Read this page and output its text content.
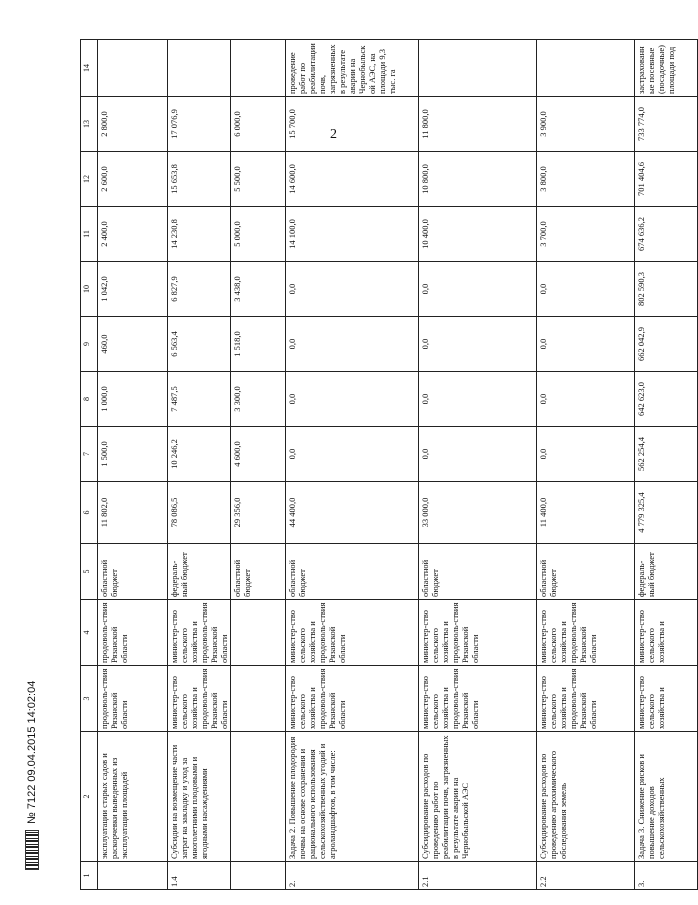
2
1	2	3	4	5	6	7	8	9	10	11	12	13	14
	эксплуатации старых садов и раскорчевки выведенных из эксплуатации площадей	продоволь-ствия Рязанской области	продоволь-ствия Рязанской области	областной бюджет	11 802,0	1 500,0	1 000,0	460,0	1 042,0	2 400,0	2 600,0	2 800,0	
1.4	Субсидии на возмещение части затрат на закладку и уход за многолетними плодовыми и ягодными насаждениями	министер-ство сельского хозяйства и продоволь-ствия Рязанской области	министер-ство сельского хозяйства и продоволь-ствия Рязанской области	федераль-ный бюджет	78 086,5	10 246,2	7 487,5	6 563,4	6 827,9	14 230,8	15 653,8	17 076,9	
				областной бюджет	29 356,0	4 600,0	3 300,0	1 518,0	3 438,0	5 000,0	5 500,0	6 000,0	
2.	Задача 2. Повышение плодородия почвы на основе сохранения и рационального использования сельскохозяйственных угодий и агроландшафтов, в том числе:	министер-ство сельского хозяйства и продоволь-ствия Рязанской области	министер-ство сельского хозяйства и продоволь-ствия Рязанской области	областной бюджет	44 400,0	0,0	0,0	0,0	0,0	14 100,0	14 600,0	15 700,0	проведение работ по реабилитации почв, загрязненных в результате аварии на Чернобыльской АЭС, на площади 9,3 тыс. га
2.1	Субсидирование расходов по проведению работ по реабилитации почв, загрязненных в результате аварии на Чернобыльской АЭС	министер-ство сельского хозяйства и продоволь-ствия Рязанской области	министер-ство сельского хозяйства и продоволь-ствия Рязанской области	областной бюджет	33 000,0	0,0	0,0	0,0	0,0	10 400,0	10 800,0	11 800,0	
2.2	Субсидирование расходов по проведению агрохимического обследования земель	министер-ство сельского хозяйства и продоволь-ствия Рязанской области	министер-ство сельского хозяйства и продоволь-ствия Рязанской области	областной бюджет	11 400,0	0,0	0,0	0,0	0,0	3 700,0	3 800,0	3 900,0	
3.	Задача 3. Снижение рисков и повышение доходов сельскохозяйственных	министер-ство сельского хозяйства и	министер-ство сельского хозяйства и	федераль-ный бюджет	4 779 325,4	562 254,4	642 623,0	662 042,9	802 590,3	674 636,2	701 404,6	733 774,0	застрахованные посевные (посадочные) площади под
№ 7122 09.04.2015 14:02:04
